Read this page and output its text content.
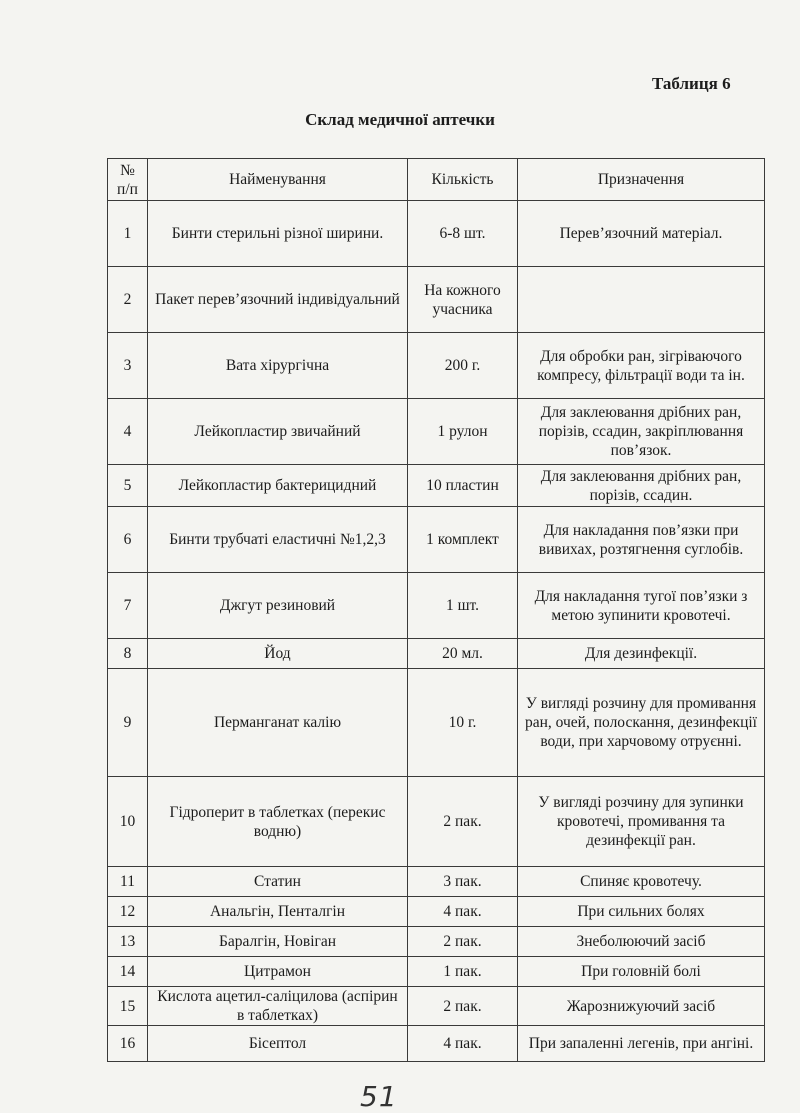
Таблиця 6
Склад медичної аптечки
№ п/п	Найменування	Кількість	Призначення
1	Бинти стерильні різної ширини.	6-8 шт.	Перев’язочний матеріал.
2	Пакет перев’язочний індивідуальний	На кожного учасника	
3	Вата хірургічна	200 г.	Для обробки ран, зігріваючого компресу, фільтрації води та ін.
4	Лейкопластир звичайний	1 рулон	Для заклеювання дрібних ран, порізів, ссадин, закріплювання пов’язок.
5	Лейкопластир бактерицидний	10 пластин	Для заклеювання дрібних ран, порізів, ссадин.
6	Бинти трубчаті еластичні №1,2,3	1 комплект	Для накладання пов’язки при вивихах, розтягнення суглобів.
7	Джгут резиновий	1 шт.	Для накладання тугої пов’язки з метою зупинити кровотечі.
8	Йод	20 мл.	Для дезинфекції.
9	Перманганат калію	10 г.	У вигляді розчину для промивання ран, очей, полоскання, дезинфекції води, при харчовому отруєнні.
10	Гідроперит в таблетках (перекис водню)	2 пак.	У вигляді розчину для зупинки кровотечі, промивання та дезинфекції ран.
11	Статин	3 пак.	Спиняє кровотечу.
12	Анальгін, Пенталгін	4 пак.	При сильних болях
13	Баралгін, Новіган	2 пак.	Знеболюючий засіб
14	Цитрамон	1 пак.	При головній болі
15	Кислота ацетил-саліцилова (аспірин в таблетках)	2 пак.	Жарознижуючий засіб
16	Бісептол	4 пак.	При запаленні легенів, при ангіні.
51
